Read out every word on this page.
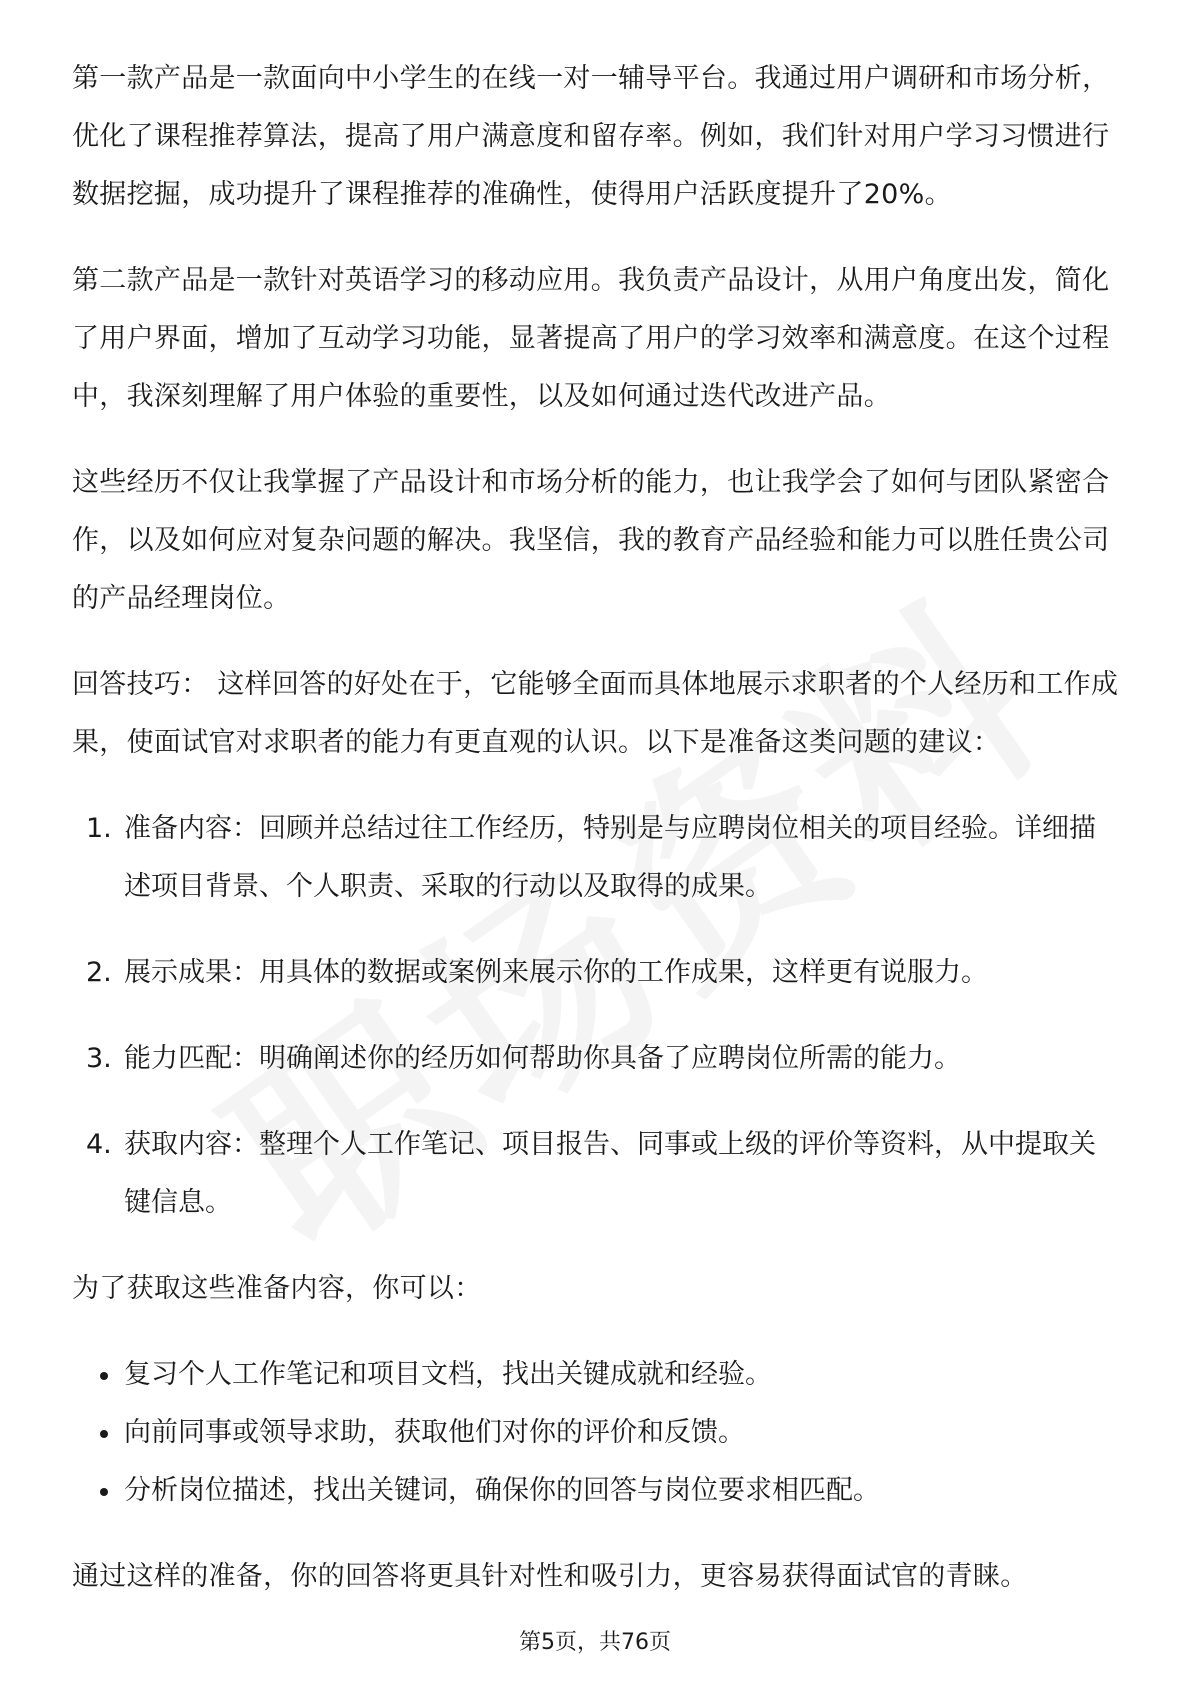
第一款产品是一款面向中小学生的在线一对一辅导平台。我通过用户调研和市场分析，优化了课程推荐算法，提高了用户满意度和留存率。例如，我们针对用户学习习惯进行数据挖掘，成功提升了课程推荐的准确性，使得用户活跃度提升了20%。

第二款产品是一款针对英语学习的移动应用。我负责产品设计，从用户角度出发，简化了用户界面，增加了互动学习功能，显著提高了用户的学习效率和满意度。在这个过程中，我深刻理解了用户体验的重要性，以及如何通过迭代改进产品。

这些经历不仅让我掌握了产品设计和市场分析的能力，也让我学会了如何与团队紧密合作，以及如何应对复杂问题的解决。我坚信，我的教育产品经验和能力可以胜任贵公司的产品经理岗位。

回答技巧： 这样回答的好处在于，它能够全面而具体地展示求职者的个人经历和工作成果，使面试官对求职者的能力有更直观的认识。以下是准备这类问题的建议：

1. 准备内容：回顾并总结过往工作经历，特别是与应聘岗位相关的项目经验。详细描述项目背景、个人职责、采取的行动以及取得的成果。
2. 展示成果：用具体的数据或案例来展示你的工作成果，这样更有说服力。
3. 能力匹配：明确阐述你的经历如何帮助你具备了应聘岗位所需的能力。
4. 获取内容：整理个人工作笔记、项目报告、同事或上级的评价等资料，从中提取关键信息。

为了获取这些准备内容，你可以：

复习个人工作笔记和项目文档，找出关键成就和经验。
向前同事或领导求助，获取他们对你的评价和反馈。
分析岗位描述，找出关键词，确保你的回答与岗位要求相匹配。

通过这样的准备，你的回答将更具针对性和吸引力，更容易获得面试官的青睐。

第5页，共76页
